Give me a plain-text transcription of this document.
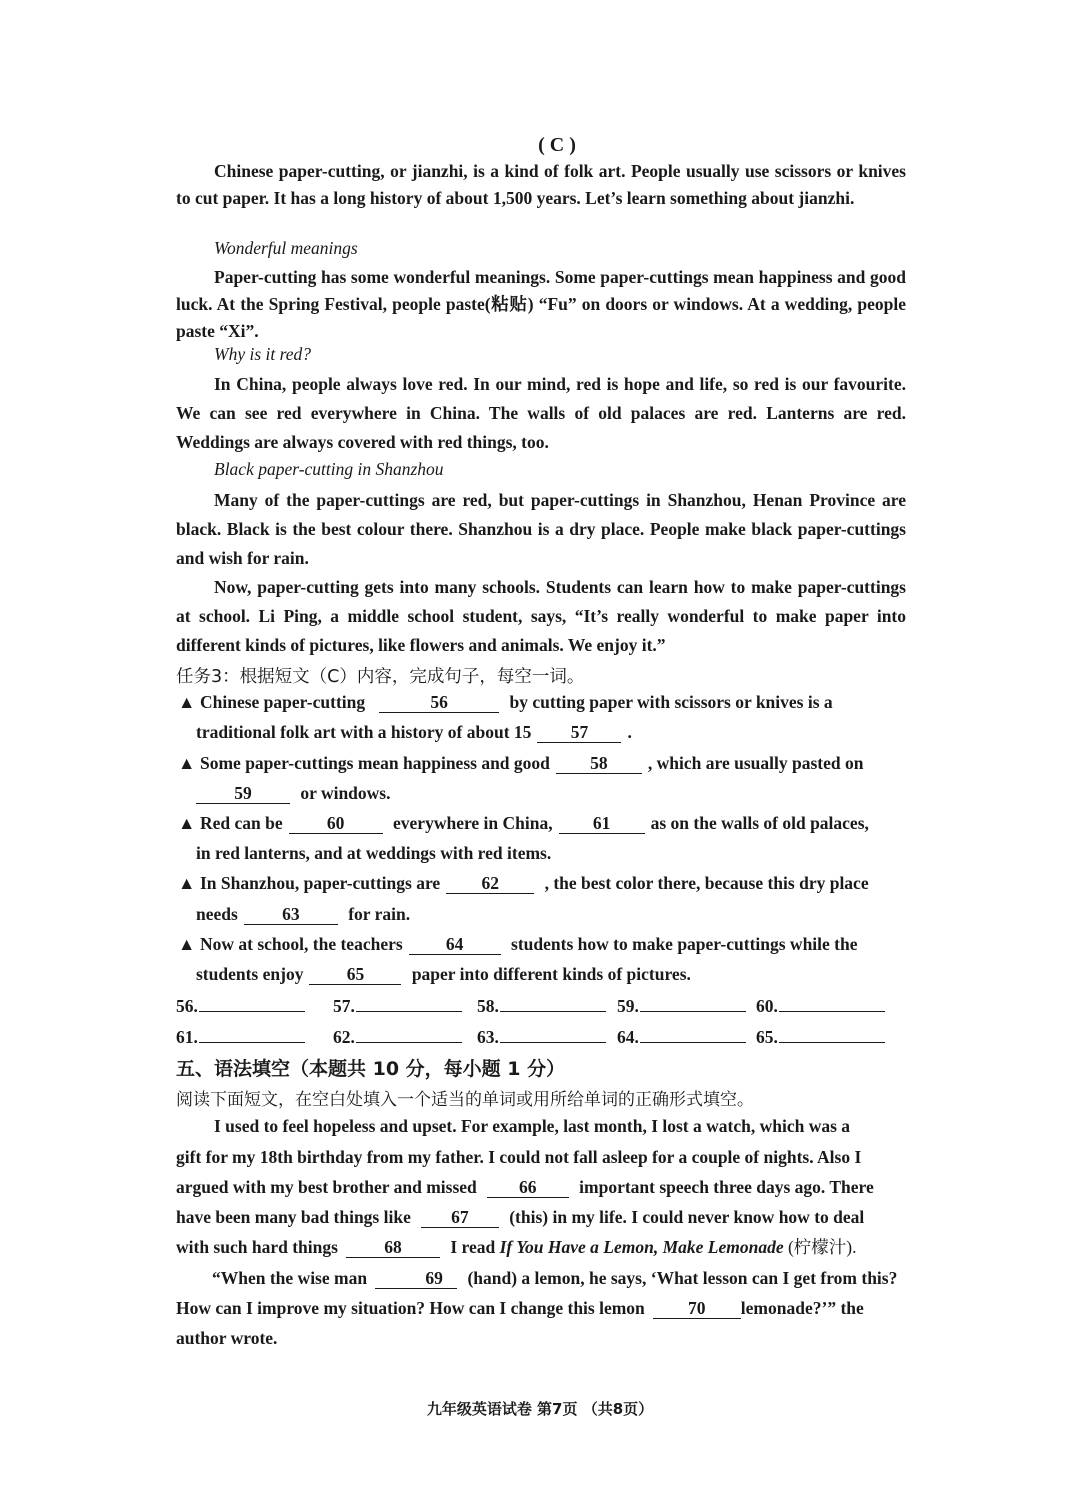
( C )
Chinese paper-cutting, or jianzhi, is a kind of folk art. People usually use scissors or knives to cut paper. It has a long history of about 1,500 years. Let’s learn something about jianzhi.
Wonderful meanings
Paper-cutting has some wonderful meanings. Some paper-cuttings mean happiness and good luck. At the Spring Festival, people paste(粘贴) “Fu” on doors or windows. At a wedding, people paste “Xi”.
Why is it red?
In China, people always love red. In our mind, red is hope and life, so red is our favourite. We can see red everywhere in China. The walls of old palaces are red. Lanterns are red. Weddings are always covered with red things, too.
Black paper-cutting in Shanzhou
Many of the paper-cuttings are red, but paper-cuttings in Shanzhou, Henan Province are black. Black is the best colour there. Shanzhou is a dry place. People make black paper-cuttings and wish for rain.
Now, paper-cutting gets into many schools. Students can learn how to make paper-cuttings at school. Li Ping, a middle school student, says, “It’s really wonderful to make paper into different kinds of pictures, like flowers and animals. We enjoy it.”
任务3：根据短文（C）内容，完成句子，每空一词。
▲ Chinese paper-cutting	56	by cutting paper with scissors or knives is a
traditional folk art with a history of about 15 57 .
▲ Some paper-cuttings mean happiness and good 58 , which are usually pasted on
59	or windows.
▲ Red can be	60	everywhere in China, 61 as on the walls of old palaces,
in red lanterns, and at weddings with red items.
▲ In Shanzhou, paper-cuttings are 62	, the best color there, because this dry place
needs	63	for rain.
▲ Now at school, the teachers 64	students how to make paper-cuttings while the
students enjoy 65	paper into different kinds of pictures.
56.	57.	58.	59.	60.
61.	62.	63.	64.	65.
五、语法填空（本题共 10 分，每小题 1 分）
阅读下面短文，在空白处填入一个适当的单词或用所给单词的正确形式填空。
I used to feel hopeless and upset. For example, last month, I lost a watch, which was a
gift for my 18th birthday from my father. I could not fall asleep for a couple of nights. Also I
argued with my best brother and missed 66 important speech three days ago. There
have been many bad things like 67 (this) in my life. I could never know how to deal
with such hard things	68	I read If You Have a Lemon, Make Lemonade (柠檬汁).
“When the wise man	69 (hand) a lemon, he says, ‘What lesson can I get from this?
How can I improve my situation? How can I change this lemon 70 lemonade?’” the
author wrote.
九年级英语试卷 第7页 （共8页）
